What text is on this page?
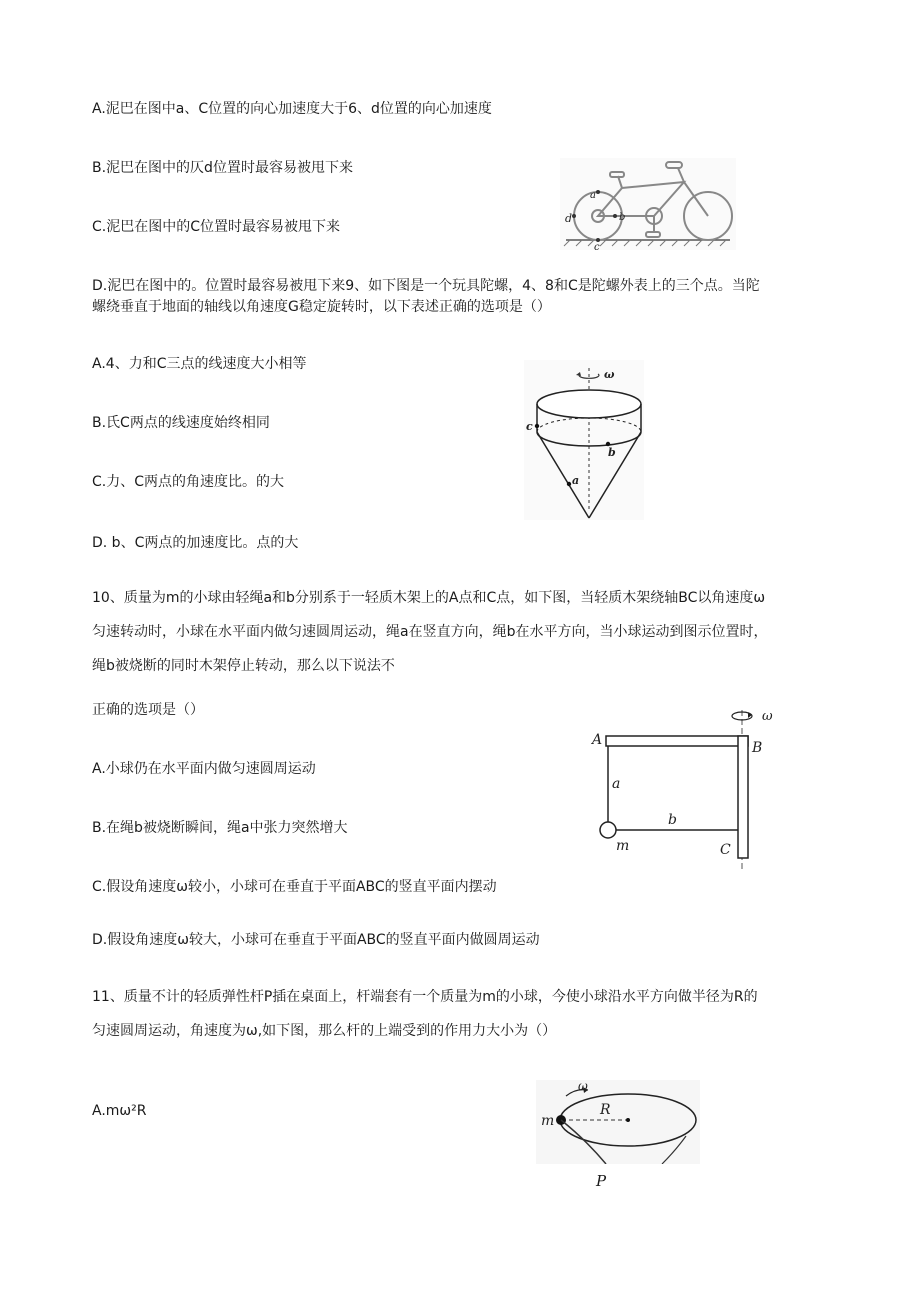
A.泥巴在图中a、C位置的向心加速度大于6、d位置的向心加速度
B.泥巴在图中的仄d位置时最容易被甩下来
C.泥巴在图中的C位置时最容易被甩下来
D.泥巴在图中的。位置时最容易被甩下来9、如下图是一个玩具陀螺，4、8和C是陀螺外表上的三个点。当陀
螺绕垂直于地面的轴线以角速度G稳定旋转时，以下表述正确的选项是（）
a
b
d
c
A.4、力和C三点的线速度大小相等
B.氏C两点的线速度始终相同
C.力、C两点的角速度比。的大
D. b、C两点的加速度比。点的大
ω
c
b
a
10、质量为m的小球由轻绳a和b分别系于一轻质木架上的A点和C点，如下图，当轻质木架绕轴BC以角速度ω
匀速转动时，小球在水平面内做匀速圆周运动，绳a在竖直方向，绳b在水平方向，当小球运动到图示位置时，
绳b被烧断的同时木架停止转动，那么以下说法不
正确的选项是（）
A.小球仍在水平面内做匀速圆周运动
B.在绳b被烧断瞬间，绳a中张力突然增大
C.假设角速度ω较小，小球可在垂直于平面ABC的竖直平面内摆动
D.假设角速度ω较大，小球可在垂直于平面ABC的竖直平面内做圆周运动
ω
A	B
a
b
m	C
11、质量不计的轻质弹性杆P插在桌面上，杆端套有一个质量为m的小球，今使小球沿水平方向做半径为R的
匀速圆周运动，角速度为ω,如下图，那么杆的上端受到的作用力大小为（）
A.mω²R
ω
m
R
P
